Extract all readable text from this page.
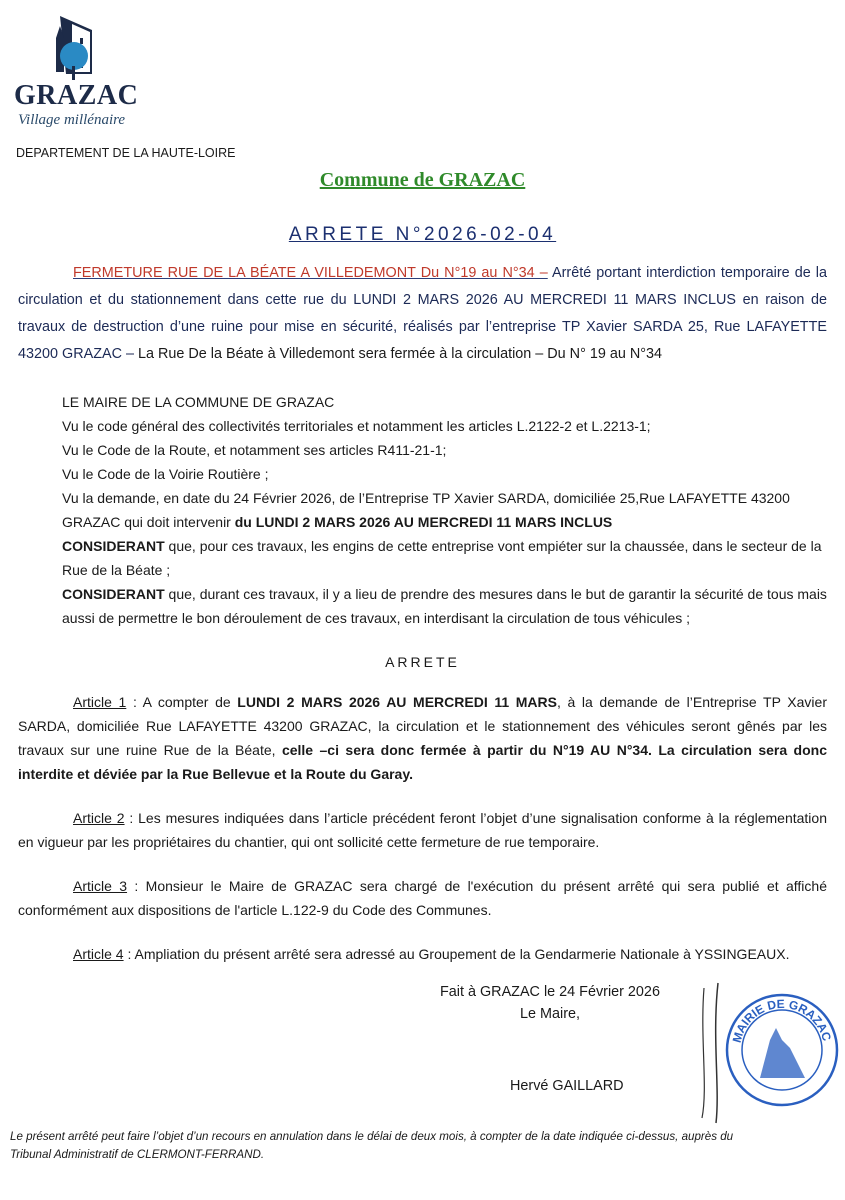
GRAZAC
Village millénaire
DEPARTEMENT DE LA HAUTE-LOIRE
Commune de GRAZAC
ARRETE N°2026-02-04

FERMETURE RUE DE LA BÉATE A VILLEDEMONT Du N°19 au N°34 – Arrêté portant interdiction temporaire de la circulation et du stationnement dans cette rue du LUNDI 2 MARS 2026 AU MERCREDI 11 MARS INCLUS en raison de travaux de destruction d’une ruine pour mise en sécurité, réalisés par l’entreprise TP Xavier SARDA 25, Rue LAFAYETTE 43200 GRAZAC – La Rue De la Béate à Villedemont sera fermée à la circulation – Du N° 19 au N°34

LE MAIRE DE LA COMMUNE DE GRAZAC

Vu le code général des collectivités territoriales et notamment les articles L.2122-2 et L.2213-1;

Vu le Code de la Route, et notamment ses articles R411-21-1;

Vu le Code de la Voirie Routière ;

Vu la demande, en date du 24 Février 2026, de l’Entreprise TP Xavier SARDA, domiciliée 25,Rue LAFAYETTE 43200 GRAZAC qui doit intervenir du LUNDI 2 MARS 2026 AU MERCREDI 11 MARS INCLUS

CONSIDERANT que, pour ces travaux, les engins de cette entreprise vont empiéter sur la chaussée, dans le secteur de la Rue de la Béate ;

CONSIDERANT que, durant ces travaux, il y a lieu de prendre des mesures dans le but de garantir la sécurité de tous mais aussi de permettre le bon déroulement de ces travaux, en interdisant la circulation de tous véhicules ;

ARRETE

Article 1 : A compter de LUNDI 2 MARS 2026 AU MERCREDI 11 MARS, à la demande de l’Entreprise TP Xavier SARDA, domiciliée Rue LAFAYETTE 43200 GRAZAC, la circulation et le stationnement des véhicules seront gênés par les travaux sur une ruine Rue de la Béate, celle –ci sera donc fermée à partir du N°19 AU N°34. La circulation sera donc interdite et déviée par la Rue Bellevue et la Route du Garay.

Article 2 : Les mesures indiquées dans l’article précédent feront l’objet d’une signalisation conforme à la réglementation en vigueur par les propriétaires du chantier, qui ont sollicité cette fermeture de rue temporaire.

Article 3 : Monsieur le Maire de GRAZAC sera chargé de l'exécution du présent arrêté qui sera publié et affiché conformément aux dispositions de l'article L.122-9 du Code des Communes.

Article 4 : Ampliation du présent arrêté sera adressé au Groupement de la Gendarmerie Nationale à YSSINGEAUX.

Fait à GRAZAC le 24 Février 2026
Le Maire,
Hervé GAILLARD
MAIRIE DE GRAZAC
Le présent arrêté peut faire l’objet d’un recours en annulation dans le délai de deux mois, à compter de la date indiquée ci-dessus, auprès du
Tribunal Administratif de CLERMONT-FERRAND.
